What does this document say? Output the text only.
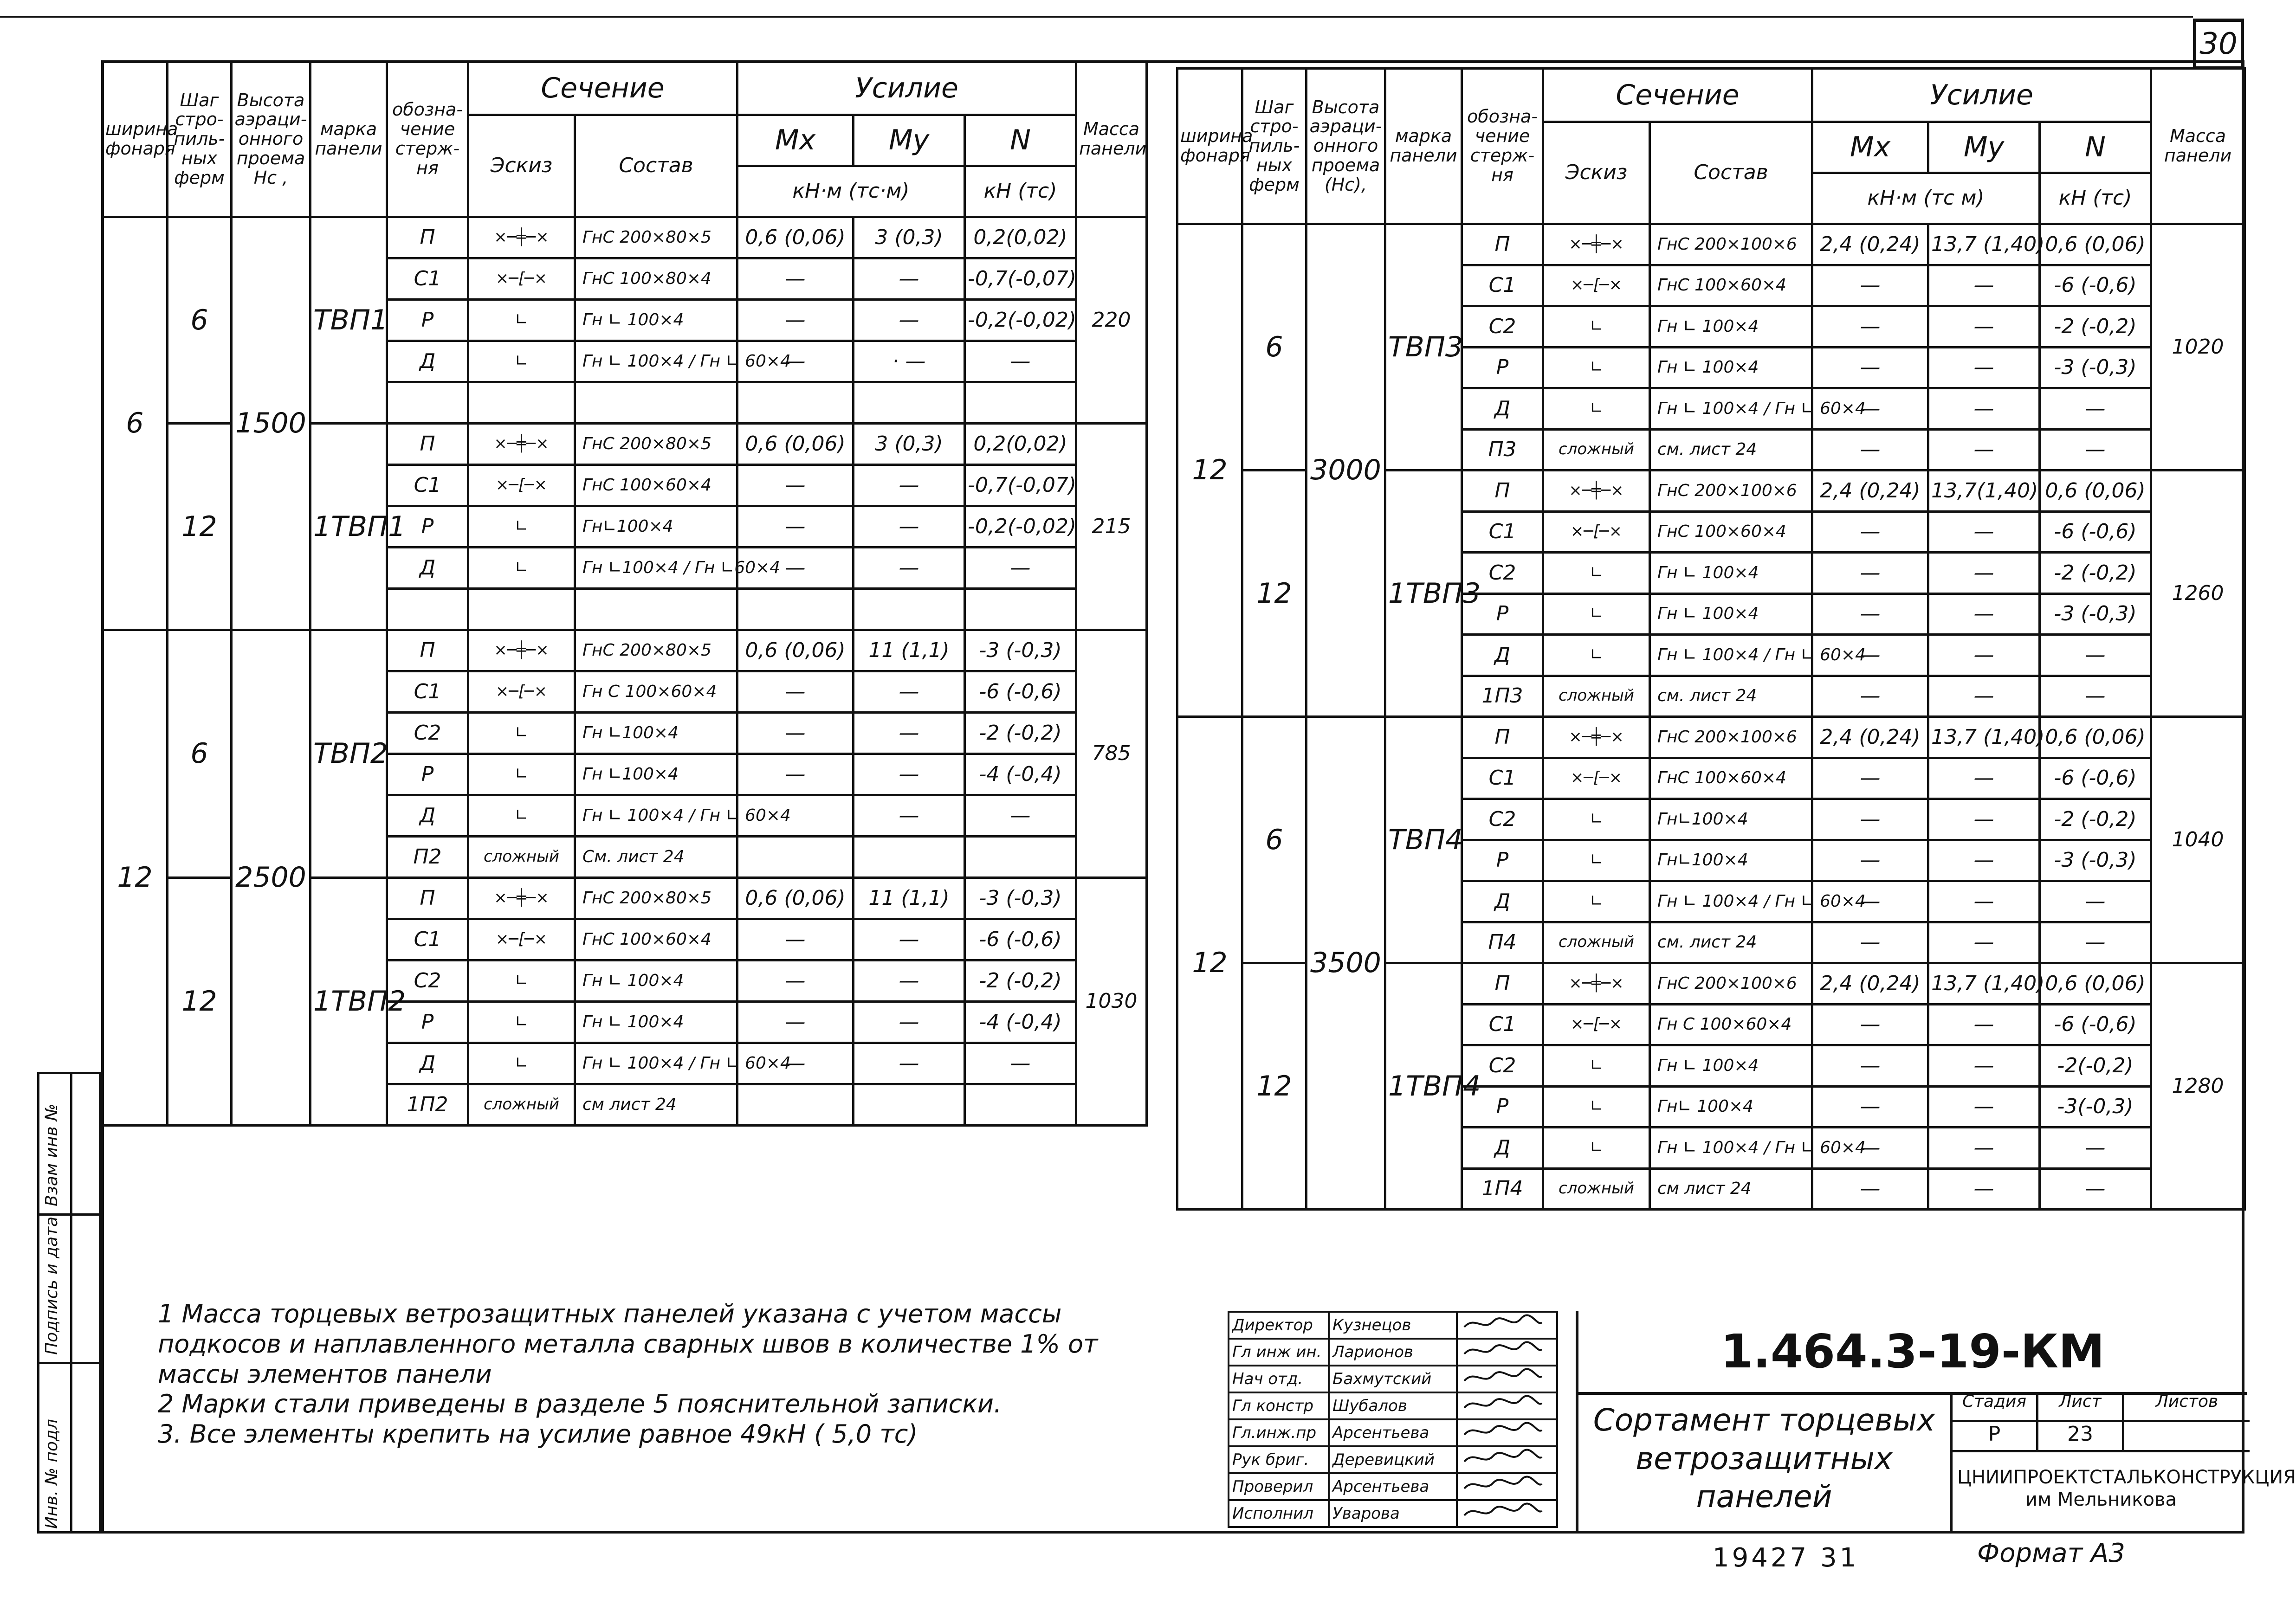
30
ширина фонаря	Шаг стро-пиль-ных ферм	Высота аэраци-онного проема
Нс ,	марка панели	обозна-чение стерж-ня	Сечение		Усилие			Масса панели
					Эскиз	Состав	Mx	My	N	
							кН·м (тс·м)		кН (тс)	
6	6	1500	ТВП1	П	×─╪─×	ГнС 200×80×5	0,6 (0,06)	3 (0,3)	0,2(0,02)	220
				С1	×─[─×	ГнС 100×80×4	—	—	-0,7(-0,07)	
				Р	∟	Гн ∟ 100×4	—	—	-0,2(-0,02)	
				Д	∟	Гн ∟ 100×4 / Гн ∟ 60×4	—	· —	—	

	12		1ТВП1	П	×─╪─×	ГнС 200×80×5	0,6 (0,06)	3 (0,3)	0,2(0,02)	215
				С1	×─[─×	ГнС 100×60×4	—	—	-0,7(-0,07)	
				Р	∟	Гн∟100×4	—	—	-0,2(-0,02)	
				Д	∟	Гн ∟100×4 / Гн ∟60×4	—	—	—	

12	6	2500	ТВП2	П	×─╪─×	ГнС 200×80×5	0,6 (0,06)	11 (1,1)	-3 (-0,3)	785
				С1	×─[─×	Гн С 100×60×4	—	—	-6 (-0,6)	
				С2	∟	Гн ∟100×4	—	—	-2 (-0,2)	
				Р	∟	Гн ∟100×4	—	—	-4 (-0,4)	
				Д	∟	Гн ∟ 100×4 / Гн ∟ 60×4		—	—	
				П2	сложный	См. лист 24				
	12		1ТВП2	П	×─╪─×	ГнС 200×80×5	0,6 (0,06)	11 (1,1)	-3 (-0,3)	1030
				С1	×─[─×	ГнС 100×60×4	—	—	-6 (-0,6)	
				С2	∟	Гн ∟ 100×4	—	—	-2 (-0,2)	
				Р	∟	Гн ∟ 100×4	—	—	-4 (-0,4)	
				Д	∟	Гн ∟ 100×4 / Гн ∟ 60×4	—	—	—	
				1П2	сложный	см лист 24				
ширина фонаря	Шаг стро-пиль-ных ферм	Высота аэраци-онного проема
(Нс),	марка панели	обозна-чение стерж-ня	Сечение		Усилие			Масса панели
					Эскиз	Состав	Mx	My	N	
							кН·м (тс м)		кН (тс)	
12	6	3000	ТВП3	П	×─╪─×	ГнС 200×100×6	2,4 (0,24)	13,7 (1,40)	0,6 (0,06)	1020
				С1	×─[─×	ГнС 100×60×4	—	—	-6 (-0,6)	
				С2	∟	Гн ∟ 100×4	—	—	-2 (-0,2)	
				Р	∟	Гн ∟ 100×4	—	—	-3 (-0,3)	
				Д	∟	Гн ∟ 100×4 / Гн ∟ 60×4	—	—	—	
				П3	сложный	см. лист 24	—	—	—	
	12		1ТВП3	П	×─╪─×	ГнС 200×100×6	2,4 (0,24)	13,7(1,40)	0,6 (0,06)	1260
				С1	×─[─×	ГнС 100×60×4	—	—	-6 (-0,6)	
				С2	∟	Гн ∟ 100×4	—	—	-2 (-0,2)	
				Р	∟	Гн ∟ 100×4	—	—	-3 (-0,3)	
				Д	∟	Гн ∟ 100×4 / Гн ∟ 60×4	—	—	—	
				1П3	сложный	см. лист 24	—	—	—	
12	6	3500	ТВП4	П	×─╪─×	ГнС 200×100×6	2,4 (0,24)	13,7 (1,40)	0,6 (0,06)	1040
				С1	×─[─×	ГнС 100×60×4	—	—	-6 (-0,6)	
				С2	∟	Гн∟100×4	—	—	-2 (-0,2)	
				Р	∟	Гн∟100×4	—	—	-3 (-0,3)	
				Д	∟	Гн ∟ 100×4 / Гн ∟ 60×4	—	—	—	
				П4	сложный	см. лист 24	—	—	—	
	12		1ТВП4	П	×─╪─×	ГнС 200×100×6	2,4 (0,24)	13,7 (1,40)	0,6 (0,06)	1280
				С1	×─[─×	Гн С 100×60×4	—	—	-6 (-0,6)	
				С2	∟	Гн ∟ 100×4	—	—	-2(-0,2)	
				Р	∟	Гн∟ 100×4	—	—	-3(-0,3)	
				Д	∟	Гн ∟ 100×4 / Гн ∟ 60×4	—	—	—	
				1П4	сложный	см лист 24	—	—	—	
1 Масса торцевых ветрозащитных панелей указана с учетом массы
подкосов и наплавленного металла сварных швов в количестве 1% от
массы элементов панели
2 Марки стали приведены в разделе 5 пояснительной записки.
3. Все элементы крепить на усилие равное 49кН ( 5,0 тс)
Директор	Кузнецов	
Гл инж ин.	Ларионов	
Нач отд.	Бахмутский	
Гл констр	Шубалов	
Гл.инж.пр	Арсентьева	
Рук бриг.	Деревицкий	
Проверил	Арсентьева	
Исполнил	Уварова	
1.464.3-19-КМ
Сортамент торцевых ветрозащитных панелей
Стадия	Лист	Листов
Р	23
ЦНИИПРОЕКТСТАЛЬКОНСТРУКЦИЯ им Мельникова
19427 31	Формат А3
Инв. № подл
Подпись и дата
Взам инв №
